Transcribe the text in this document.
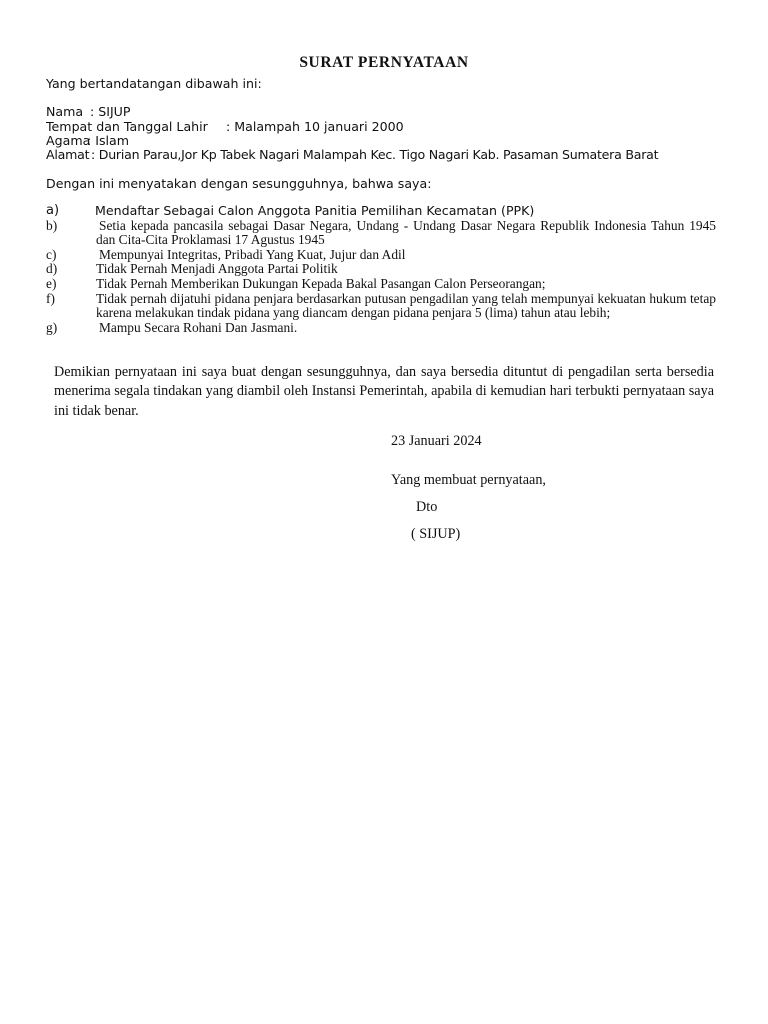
SURAT PERNYATAAN
Yang bertandatangan dibawah ini:
Nama : SIJUP
Tempat dan Tanggal Lahir : Malampah 10 januari 2000
Agama: Islam
Alamat : Durian Parau,Jor Kp Tabek Nagari Malampah Kec. Tigo Nagari Kab. Pasaman Sumatera Barat
Dengan ini menyatakan dengan sesungguhnya, bahwa saya:
a)	Mendaftar Sebagai Calon Anggota Panitia Pemilihan Kecamatan (PPK)
b)	Setia kepada pancasila sebagai Dasar Negara, Undang - Undang Dasar Negara Republik Indonesia Tahun 1945 dan Cita-Cita Proklamasi 17 Agustus 1945
c)	Mempunyai Integritas, Pribadi Yang Kuat, Jujur dan Adil
d)	Tidak Pernah Menjadi Anggota Partai Politik
e)	Tidak Pernah Memberikan Dukungan Kepada Bakal Pasangan Calon Perseorangan;
f)	Tidak pernah dijatuhi pidana penjara berdasarkan putusan pengadilan yang telah mempunyai kekuatan hukum tetap karena melakukan tindak pidana yang diancam dengan pidana penjara 5 (lima) tahun atau lebih;
g)	Mampu Secara Rohani Dan Jasmani.
Demikian pernyataan ini saya buat dengan sesungguhnya, dan saya bersedia dituntut di pengadilan serta bersedia menerima segala tindakan yang diambil oleh Instansi Pemerintah, apabila di kemudian hari terbukti pernyataan saya ini tidak benar.
23 Januari 2024
Yang membuat pernyataan,
Dto
( SIJUP)
